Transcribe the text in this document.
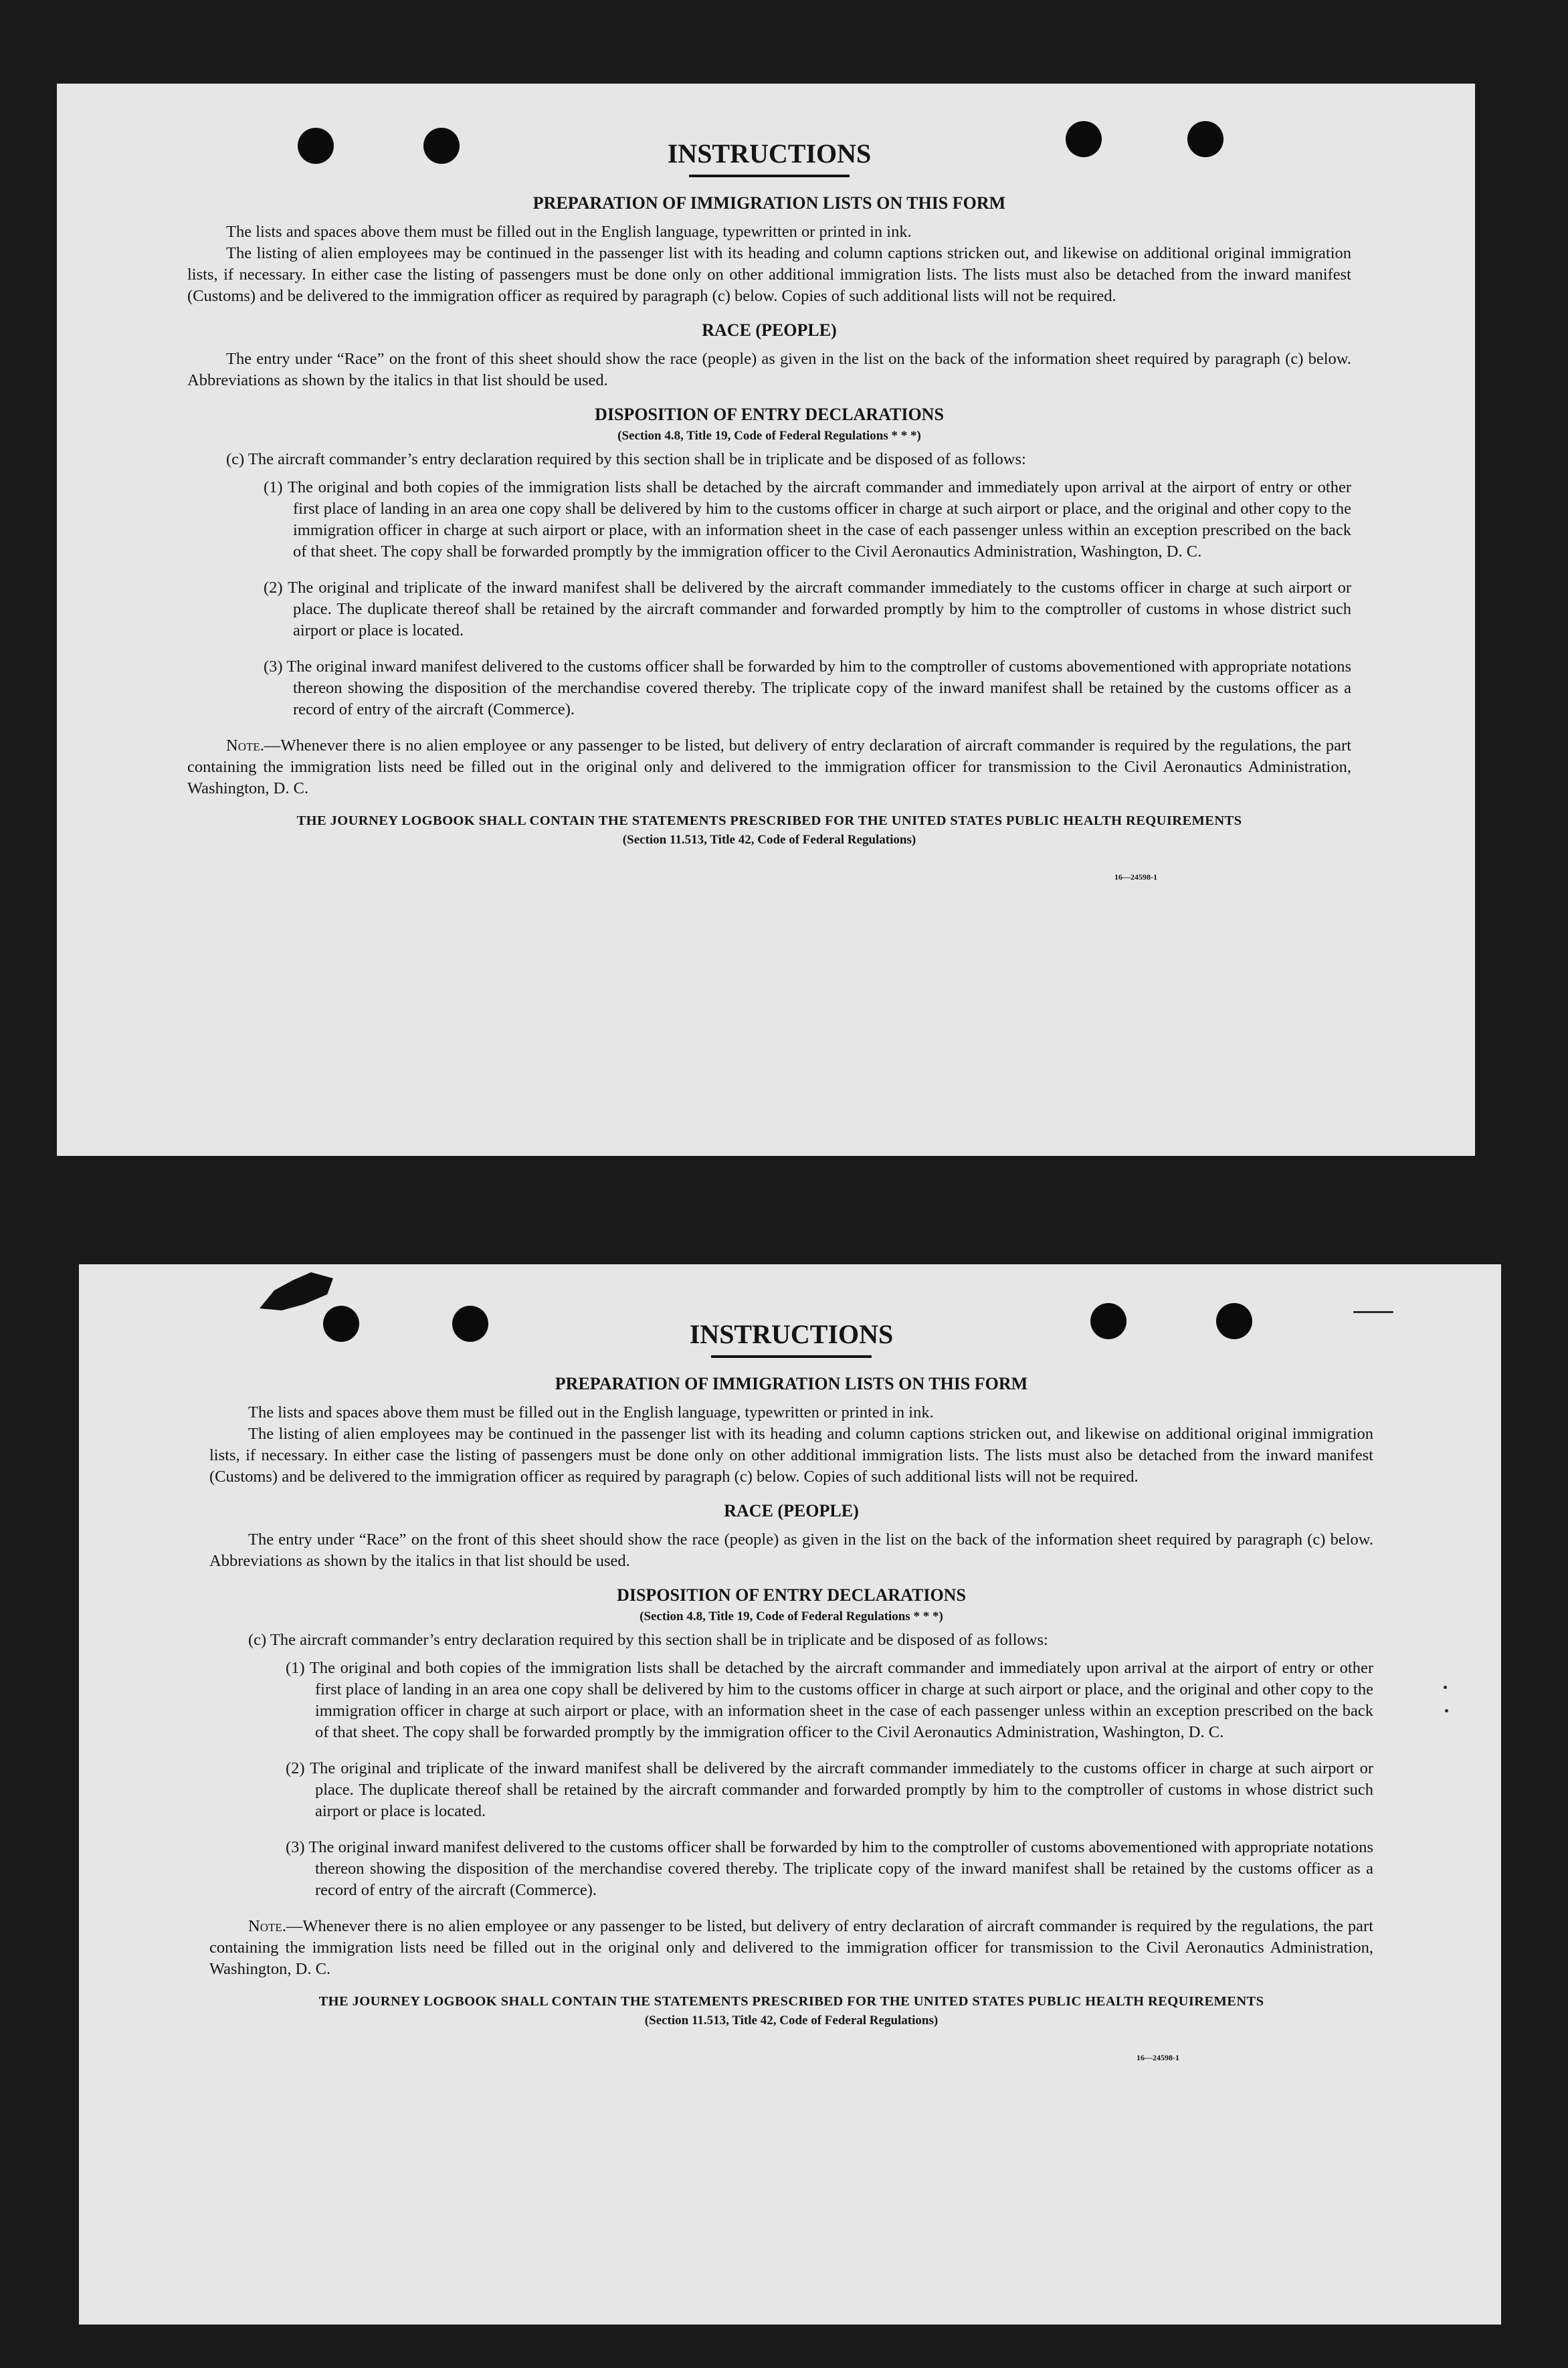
INSTRUCTIONS

PREPARATION OF IMMIGRATION LISTS ON THIS FORM

The lists and spaces above them must be filled out in the English language, typewritten or printed in ink.

The listing of alien employees may be continued in the passenger list with its heading and column captions stricken out, and likewise on additional original immigration lists, if necessary. In either case the listing of passengers must be done only on other additional immigration lists. The lists must also be detached from the inward manifest (Customs) and be delivered to the immigration officer as required by paragraph (c) below. Copies of such additional lists will not be required.

RACE (PEOPLE)

The entry under “Race” on the front of this sheet should show the race (people) as given in the list on the back of the information sheet required by paragraph (c) below. Abbreviations as shown by the italics in that list should be used.

DISPOSITION OF ENTRY DECLARATIONS

(Section 4.8, Title 19, Code of Federal Regulations * * *)

(c) The aircraft commander’s entry declaration required by this section shall be in triplicate and be disposed of as follows:

(1) The original and both copies of the immigration lists shall be detached by the aircraft commander and immediately upon arrival at the airport of entry or other first place of landing in an area one copy shall be delivered by him to the customs officer in charge at such airport or place, and the original and other copy to the immigration officer in charge at such airport or place, with an information sheet in the case of each passenger unless within an exception prescribed on the back of that sheet. The copy shall be forwarded promptly by the immigration officer to the Civil Aeronautics Administration, Washington, D. C.

(2) The original and triplicate of the inward manifest shall be delivered by the aircraft commander immediately to the customs officer in charge at such airport or place. The duplicate thereof shall be retained by the aircraft commander and forwarded promptly by him to the comptroller of customs in whose district such airport or place is located.

(3) The original inward manifest delivered to the customs officer shall be forwarded by him to the comptroller of customs abovementioned with appropriate notations thereon showing the disposition of the merchandise covered thereby. The triplicate copy of the inward manifest shall be retained by the customs officer as a record of entry of the aircraft (Commerce).

Note.—Whenever there is no alien employee or any passenger to be listed, but delivery of entry declaration of aircraft commander is required by the regulations, the part containing the immigration lists need be filled out in the original only and delivered to the immigration officer for transmission to the Civil Aeronautics Administration, Washington, D. C.

THE JOURNEY LOGBOOK SHALL CONTAIN THE STATEMENTS PRESCRIBED FOR THE UNITED STATES PUBLIC HEALTH REQUIREMENTS

(Section 11.513, Title 42, Code of Federal Regulations)

16—24598-1

INSTRUCTIONS

PREPARATION OF IMMIGRATION LISTS ON THIS FORM

The lists and spaces above them must be filled out in the English language, typewritten or printed in ink.

The listing of alien employees may be continued in the passenger list with its heading and column captions stricken out, and likewise on additional original immigration lists, if necessary. In either case the listing of passengers must be done only on other additional immigration lists. The lists must also be detached from the inward manifest (Customs) and be delivered to the immigration officer as required by paragraph (c) below. Copies of such additional lists will not be required.

RACE (PEOPLE)

The entry under “Race” on the front of this sheet should show the race (people) as given in the list on the back of the information sheet required by paragraph (c) below. Abbreviations as shown by the italics in that list should be used.

DISPOSITION OF ENTRY DECLARATIONS

(Section 4.8, Title 19, Code of Federal Regulations * * *)

(c) The aircraft commander’s entry declaration required by this section shall be in triplicate and be disposed of as follows:

(1) The original and both copies of the immigration lists shall be detached by the aircraft commander and immediately upon arrival at the airport of entry or other first place of landing in an area one copy shall be delivered by him to the customs officer in charge at such airport or place, and the original and other copy to the immigration officer in charge at such airport or place, with an information sheet in the case of each passenger unless within an exception prescribed on the back of that sheet. The copy shall be forwarded promptly by the immigration officer to the Civil Aeronautics Administration, Washington, D. C.

(2) The original and triplicate of the inward manifest shall be delivered by the aircraft commander immediately to the customs officer in charge at such airport or place. The duplicate thereof shall be retained by the aircraft commander and forwarded promptly by him to the comptroller of customs in whose district such airport or place is located.

(3) The original inward manifest delivered to the customs officer shall be forwarded by him to the comptroller of customs abovementioned with appropriate notations thereon showing the disposition of the merchandise covered thereby. The triplicate copy of the inward manifest shall be retained by the customs officer as a record of entry of the aircraft (Commerce).

Note.—Whenever there is no alien employee or any passenger to be listed, but delivery of entry declaration of aircraft commander is required by the regulations, the part containing the immigration lists need be filled out in the original only and delivered to the immigration officer for transmission to the Civil Aeronautics Administration, Washington, D. C.

THE JOURNEY LOGBOOK SHALL CONTAIN THE STATEMENTS PRESCRIBED FOR THE UNITED STATES PUBLIC HEALTH REQUIREMENTS

(Section 11.513, Title 42, Code of Federal Regulations)

16—24598-1
